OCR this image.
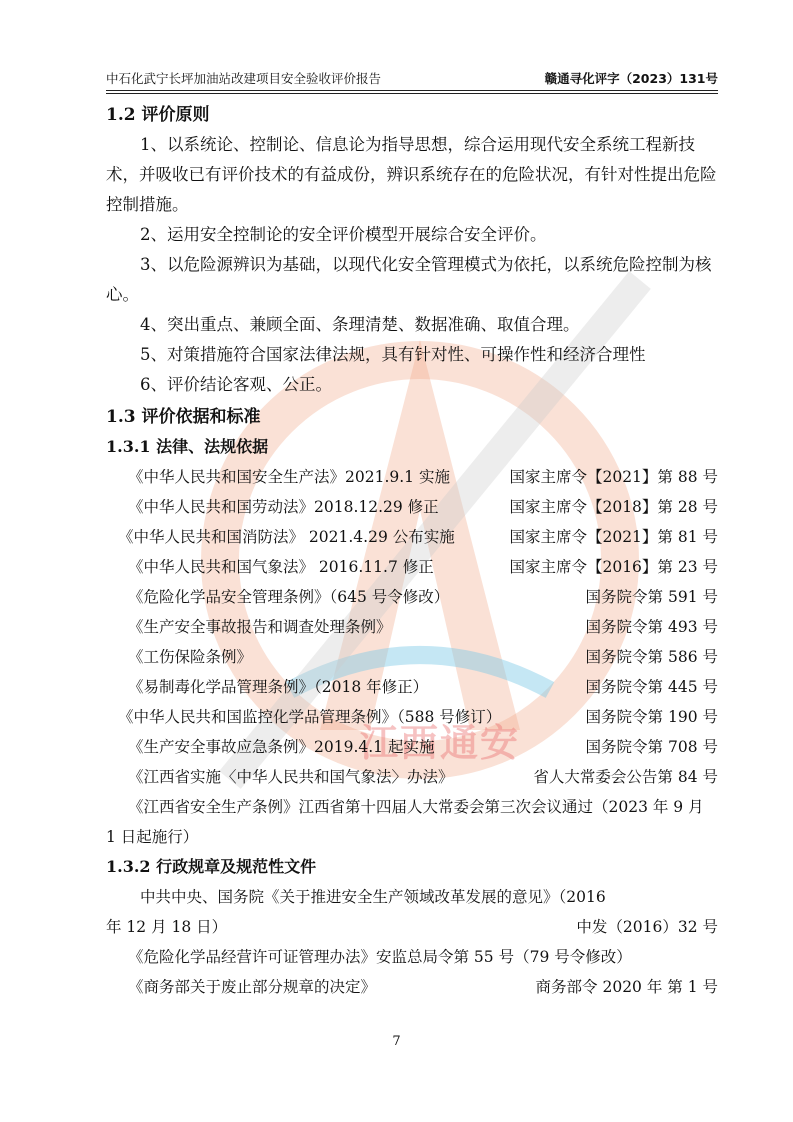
中石化武宁长坪加油站改建项目安全验收评价报告	赣通寻化评字（2023）131号
江西通安
1.2 评价原则
1、以系统论、控制论、信息论为指导思想，综合运用现代安全系统工程新技术，并吸收已有评价技术的有益成份，辨识系统存在的危险状况，有针对性提出危险控制措施。
2、运用安全控制论的安全评价模型开展综合安全评价。
3、以危险源辨识为基础，以现代化安全管理模式为依托，以系统危险控制为核心。
4、突出重点、兼顾全面、条理清楚、数据准确、取值合理。
5、对策措施符合国家法律法规，具有针对性、可操作性和经济合理性
6、评价结论客观、公正。
1.3 评价依据和标准
1.3.1 法律、法规依据
《中华人民共和国安全生产法》2021.9.1 实施	国家主席令【2021】第 88 号
《中华人民共和国劳动法》2018.12.29 修正	国家主席令【2018】第 28 号
《中华人民共和国消防法》 2021.4.29 公布实施	国家主席令【2021】第 81 号
《中华人民共和国气象法》 2016.11.7 修正	国家主席令【2016】第 23 号
《危险化学品安全管理条例》（645 号令修改）	国务院令第 591 号
《生产安全事故报告和调查处理条例》	国务院令第 493 号
《工伤保险条例》	国务院令第 586 号
《易制毒化学品管理条例》（2018 年修正）	国务院令第 445 号
《中华人民共和国监控化学品管理条例》（588 号修订）	国务院令第 190 号
《生产安全事故应急条例》2019.4.1 起实施	国务院令第 708 号
《江西省实施〈中华人民共和国气象法〉办法》	省人大常委会公告第 84 号
《江西省安全生产条例》江西省第十四届人大常委会第三次会议通过（2023 年 9 月 1 日起施行）
1.3.2 行政规章及规范性文件
中共中央、国务院《关于推进安全生产领域改革发展的意见》（2016
年 12 月 18 日）	中发（2016）32 号
《危险化学品经营许可证管理办法》安监总局令第 55 号（79 号令修改）
《商务部关于废止部分规章的决定》	商务部令 2020 年 第 1 号
7
